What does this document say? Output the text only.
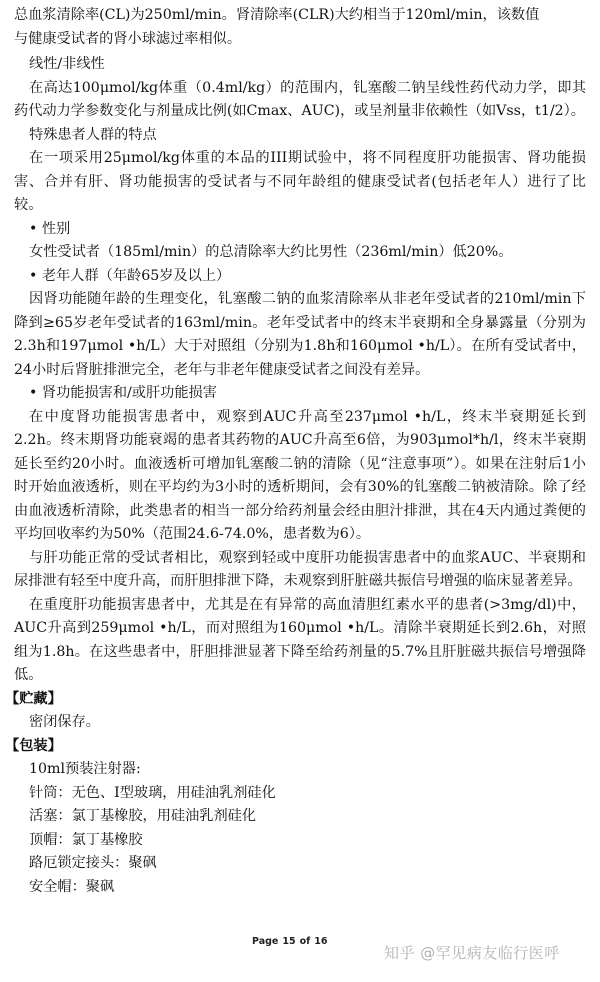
总血浆清除率(CL)为250ml/min。肾清除率(CLR)大约相当于120ml/min，该数值

与健康受试者的肾小球滤过率相似。

线性/非线性

在高达100μmol/kg体重（0.4ml/kg）的范围内，钆塞酸二钠呈线性药代动力学，即其药代动力学参数变化与剂量成比例(如Cmax、AUC)，或呈剂量非依赖性（如Vss，t1/2）。

特殊患者人群的特点

在一项采用25μmol/kg体重的本品的III期试验中，将不同程度肝功能损害、肾功能损害、合并有肝、肾功能损害的受试者与不同年龄组的健康受试者(包括老年人）进行了比较。

• 性别

女性受试者（185ml/min）的总清除率大约比男性（236ml/min）低20%。

• 老年人群（年龄65岁及以上）

因肾功能随年龄的生理变化，钆塞酸二钠的血浆清除率从非老年受试者的210ml/min下降到≥65岁老年受试者的163ml/min。老年受试者中的终末半衰期和全身暴露量（分别为2.3h和197μmol •h/L）大于对照组（分别为1.8h和160μmol •h/L）。在所有受试者中，24小时后肾脏排泄完全，老年与非老年健康受试者之间没有差异。

• 肾功能损害和/或肝功能损害

在中度肾功能损害患者中，观察到AUC升高至237μmol •h/L，终末半衰期延长到2.2h。终末期肾功能衰竭的患者其药物的AUC升高至6倍，为903μmol*h/l，终末半衰期延长至约20小时。血液透析可增加钆塞酸二钠的清除（见“注意事项”）。如果在注射后1小时开始血液透析，则在平均约为3小时的透析期间，会有30%的钆塞酸二钠被清除。除了经由血液透析清除，此类患者的相当一部分给药剂量会经由胆汁排泄，其在4天内通过粪便的平均回收率约为50%（范围24.6-74.0%，患者数为6）。

与肝功能正常的受试者相比，观察到轻或中度肝功能损害患者中的血浆AUC、半衰期和尿排泄有轻至中度升高，而肝胆排泄下降，未观察到肝脏磁共振信号增强的临床显著差异。

在重度肝功能损害患者中，尤其是在有异常的高血清胆红素水平的患者(>3mg/dl)中，AUC升高到259μmol •h/L，而对照组为160μmol •h/L。清除半衰期延长到2.6h，对照组为1.8h。在这些患者中，肝胆排泄显著下降至给药剂量的5.7%且肝脏磁共振信号增强降低。

【贮藏】

密闭保存。

【包装】

10ml预装注射器:

针筒：无色、I型玻璃，用硅油乳剂硅化

活塞：氯丁基橡胶，用硅油乳剂硅化

顶帽：氯丁基橡胶

路厄锁定接头：聚砜

安全帽：聚砜

Page 15 of 16
知乎 @罕见病友临行医呼
